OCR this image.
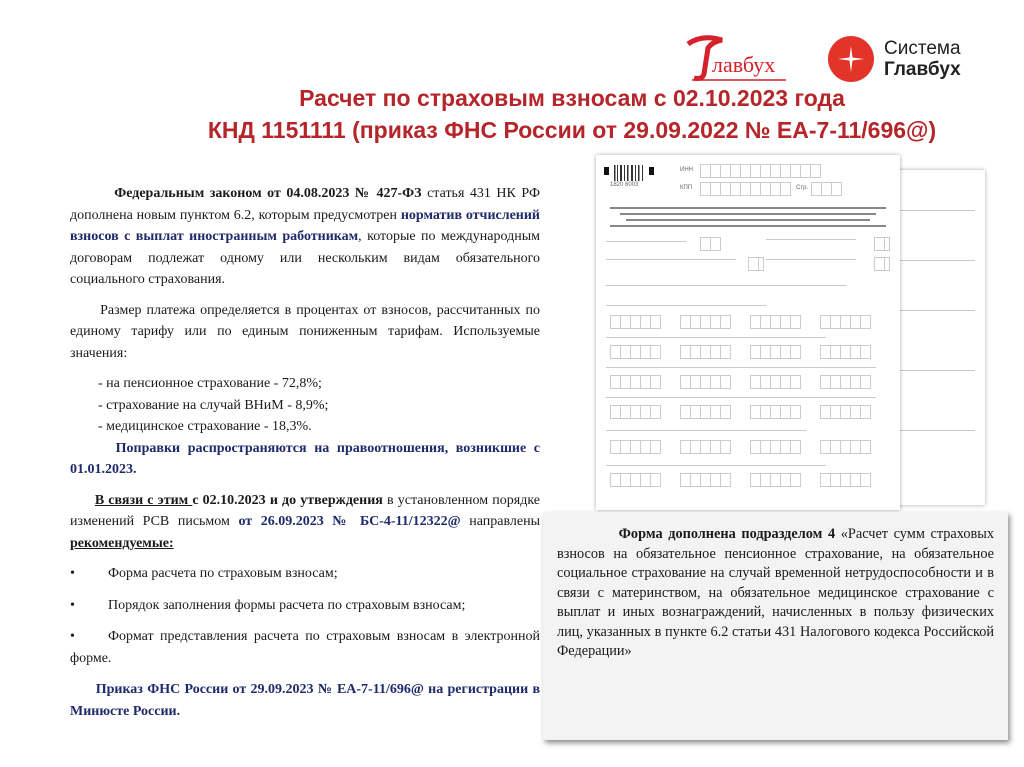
Расчет по страховым взносам с 02.10.2023 года
КНД 1151111 (приказ ФНС России от 29.09.2022 № ЕА-7-11/696@)
лавбух
Система
Главбух

Федеральным законом от 04.08.2023 № 427-ФЗ статья 431 НК РФ дополнена новым пунктом 6.2, которым предусмотрен норматив отчислений взносов с выплат иностранным работникам, которые по международным договорам подлежат одному или нескольким видам обязательного социального страхования.

Размер платежа определяется в процентах от взносов, рассчитанных по единому тарифу или по единым пониженным тарифам. Используемые значения:

- на пенсионное страхование - 72,8%;
- страхование на случай ВНиМ - 8,9%;
- медицинское страхование - 18,3%.

Поправки распространяются на правоотношения, возникшие с 01.01.2023.

В связи с этим с 02.10.2023 и до утверждения в установленном порядке изменений РСВ письмом от 26.09.2023 № БС-4-11/12322@ направлены рекомендуемые:

•	Форма расчета по страховым взносам;

•	Порядок заполнения формы расчета по страховым взносам;

• Формат представления расчета по страховым взносам в электронной форме.

Приказ ФНС России от 29.09.2023 № ЕА-7-11/696@ на регистрации в Минюсте России.

1820 6003
ИНН
КПП	Стр.
Форма дополнена подразделом 4 «Расчет сумм страховых взносов на обязательное пенсионное страхование, на обязательное социальное страхование на случай временной нетрудоспособности и в связи с материнством, на обязательное медицинское страхование с выплат и иных вознаграждений, начисленных в пользу физических лиц, указанных в пункте 6.2 статьи 431 Налогового кодекса Российской Федерации»
